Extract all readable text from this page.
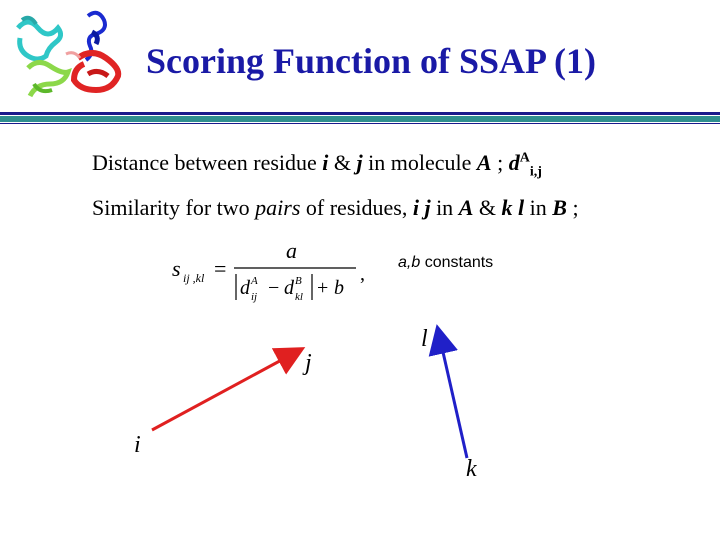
Scoring Function of SSAP (1)
Distance between residue i & j in molecule A ; $d^A_{i,j}$
Similarity for two pairs of residues, i j in A & k l in B ;
s ij ,kl =
a
d A
ij − d B
kl + b
,
a,b constants
i
j
k
l
